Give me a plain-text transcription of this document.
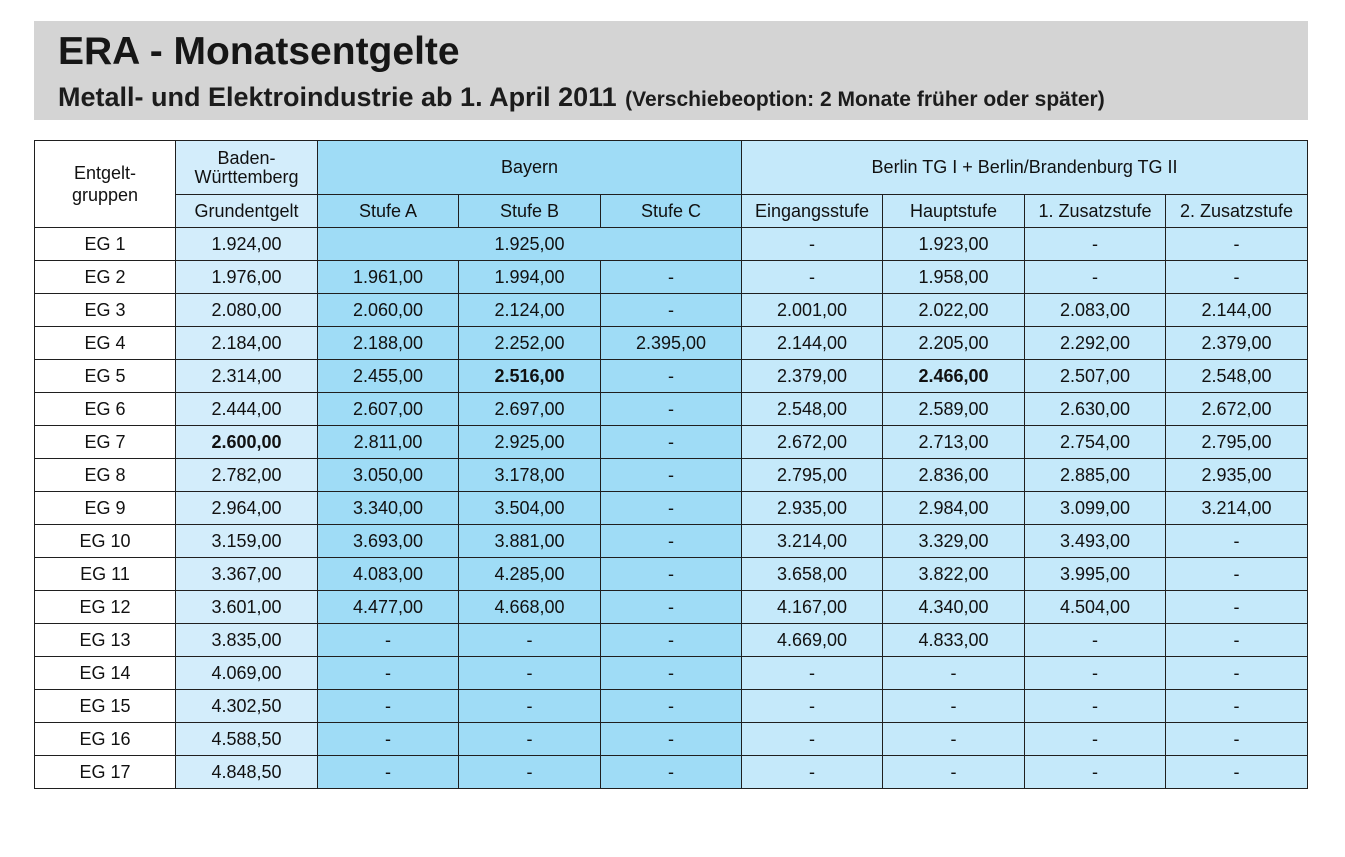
ERA - Monatsentgelte
Metall- und Elektroindustrie ab 1. April 2011 (Verschiebeoption: 2 Monate früher oder später)
Entgelt-
gruppen	Baden-
Württemberg	Bayern			Berlin TG I + Berlin/Brandenburg TG II			
	Grundentgelt	Stufe A	Stufe B	Stufe C	Eingangsstufe	Hauptstufe	1. Zusatzstufe	2. Zusatzstufe
EG 1	1.924,00	1.925,00			-	1.923,00	-	-
EG 2	1.976,00	1.961,00	1.994,00	-	-	1.958,00	-	-
EG 3	2.080,00	2.060,00	2.124,00	-	2.001,00	2.022,00	2.083,00	2.144,00
EG 4	2.184,00	2.188,00	2.252,00	2.395,00	2.144,00	2.205,00	2.292,00	2.379,00
EG 5	2.314,00	2.455,00	2.516,00	-	2.379,00	2.466,00	2.507,00	2.548,00
EG 6	2.444,00	2.607,00	2.697,00	-	2.548,00	2.589,00	2.630,00	2.672,00
EG 7	2.600,00	2.811,00	2.925,00	-	2.672,00	2.713,00	2.754,00	2.795,00
EG 8	2.782,00	3.050,00	3.178,00	-	2.795,00	2.836,00	2.885,00	2.935,00
EG 9	2.964,00	3.340,00	3.504,00	-	2.935,00	2.984,00	3.099,00	3.214,00
EG 10	3.159,00	3.693,00	3.881,00	-	3.214,00	3.329,00	3.493,00	-
EG 11	3.367,00	4.083,00	4.285,00	-	3.658,00	3.822,00	3.995,00	-
EG 12	3.601,00	4.477,00	4.668,00	-	4.167,00	4.340,00	4.504,00	-
EG 13	3.835,00	-	-	-	4.669,00	4.833,00	-	-
EG 14	4.069,00	-	-	-	-	-	-	-
EG 15	4.302,50	-	-	-	-	-	-	-
EG 16	4.588,50	-	-	-	-	-	-	-
EG 17	4.848,50	-	-	-	-	-	-	-
